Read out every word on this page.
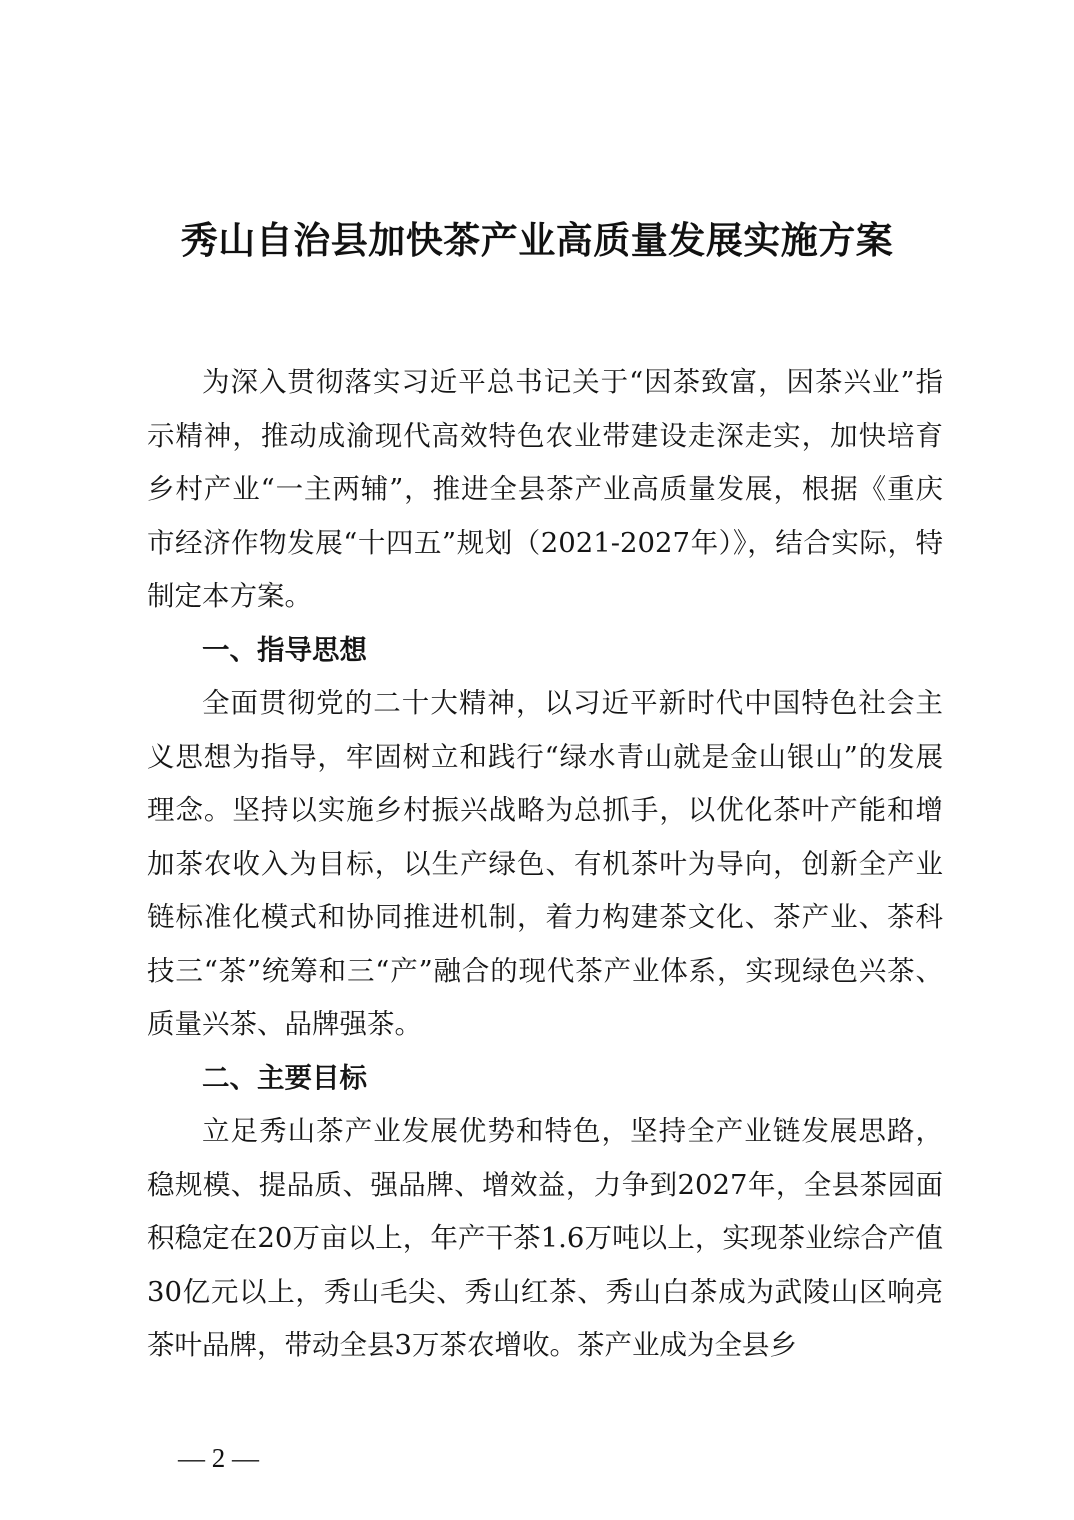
秀山自治县加快茶产业高质量发展实施方案

为深入贯彻落实习近平总书记关于“因茶致富，因茶兴业”指示精神，推动成渝现代高效特色农业带建设走深走实，加快培育乡村产业“一主两辅”，推进全县茶产业高质量发展，根据《重庆市经济作物发展“十四五”规划（2021-2027年）》，结合实际，特制定本方案。

一、指导思想

全面贯彻党的二十大精神，以习近平新时代中国特色社会主义思想为指导，牢固树立和践行“绿水青山就是金山银山”的发展理念。坚持以实施乡村振兴战略为总抓手，以优化茶叶产能和增加茶农收入为目标，以生产绿色、有机茶叶为导向，创新全产业链标准化模式和协同推进机制，着力构建茶文化、茶产业、茶科技三“茶”统筹和三“产”融合的现代茶产业体系，实现绿色兴茶、质量兴茶、品牌强茶。

二、主要目标

立足秀山茶产业发展优势和特色，坚持全产业链发展思路，稳规模、提品质、强品牌、增效益，力争到2027年，全县茶园面积稳定在20万亩以上，年产干茶1.6万吨以上，实现茶业综合产值30亿元以上，秀山毛尖、秀山红茶、秀山白茶成为武陵山区响亮茶叶品牌，带动全县3万茶农增收。茶产业成为全县乡

— 2 —
